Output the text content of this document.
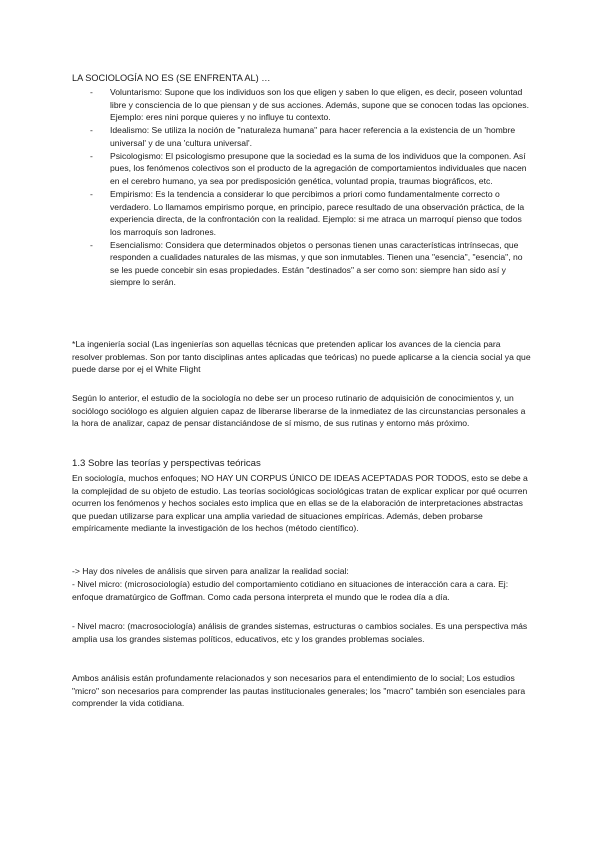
LA SOCIOLOGÍA NO ES (SE ENFRENTA AL) …
- Voluntarismo: Supone que los individuos son los que eligen y saben lo que eligen, es decir, poseen voluntad libre y consciencia de lo que piensan y de sus acciones. Además, supone que se conocen todas las opciones. Ejemplo: eres nini porque quieres y no influye tu contexto.
- Idealismo: Se utiliza la noción de "naturaleza humana" para hacer referencia a la existencia de un 'hombre universal' y de una 'cultura universal'.
- Psicologismo: El psicologismo presupone que la sociedad es la suma de los individuos que la componen. Así pues, los fenómenos colectivos son el producto de la agregación de comportamientos individuales que nacen en el cerebro humano, ya sea por predisposición genética, voluntad propia, traumas biográficos, etc.
- Empirismo: Es la tendencia a considerar lo que percibimos a priori como fundamentalmente correcto o verdadero. Lo llamamos empirismo porque, en principio, parece resultado de una observación práctica, de la experiencia directa, de la confrontación con la realidad. Ejemplo: si me atraca un marroquí pienso que todos los marroquís son ladrones.
- Esencialismo: Considera que determinados objetos o personas tienen unas características intrínsecas, que responden a cualidades naturales de las mismas, y que son inmutables. Tienen una "esencia", "esencia", no se les puede concebir sin esas propiedades. Están "destinados" a ser como son: siempre han sido así y siempre lo serán.

*La ingeniería social (Las ingenierías son aquellas técnicas que pretenden aplicar los avances de la ciencia para resolver problemas. Son por tanto disciplinas antes aplicadas que teóricas) no puede aplicarse a la ciencia social ya que puede darse por ej el White Flight

Según lo anterior, el estudio de la sociología no debe ser un proceso rutinario de adquisición de conocimientos y, un sociólogo sociólogo es alguien alguien capaz de liberarse liberarse de la inmediatez de las circunstancias personales a la hora de analizar, capaz de pensar distanciándose de sí mismo, de sus rutinas y entorno más próximo.

1.3 Sobre las teorías y perspectivas teóricas

En sociología, muchos enfoques; NO HAY UN CORPUS ÚNICO DE IDEAS ACEPTADAS POR TODOS, esto se debe a la complejidad de su objeto de estudio. Las teorías sociológicas sociológicas tratan de explicar explicar por qué ocurren ocurren los fenómenos y hechos sociales esto implica que en ellas se de la elaboración de interpretaciones abstractas que puedan utilizarse para explicar una amplia variedad de situaciones empíricas. Además, deben probarse empíricamente mediante la investigación de los hechos (método científico).

-> Hay dos niveles de análisis que sirven para analizar la realidad social:

- Nivel micro: (microsociología) estudio del comportamiento cotidiano en situaciones de interacción cara a cara. Ej: enfoque dramatúrgico de Goffman. Como cada persona interpreta el mundo que le rodea día a día.

- Nivel macro: (macrosociología) análisis de grandes sistemas, estructuras o cambios sociales. Es una perspectiva más amplia usa los grandes sistemas políticos, educativos, etc y los grandes problemas sociales.

Ambos análisis están profundamente relacionados y son necesarios para el entendimiento de lo social; Los estudios "micro" son necesarios para comprender las pautas institucionales generales; los "macro" también son esenciales para comprender la vida cotidiana.
